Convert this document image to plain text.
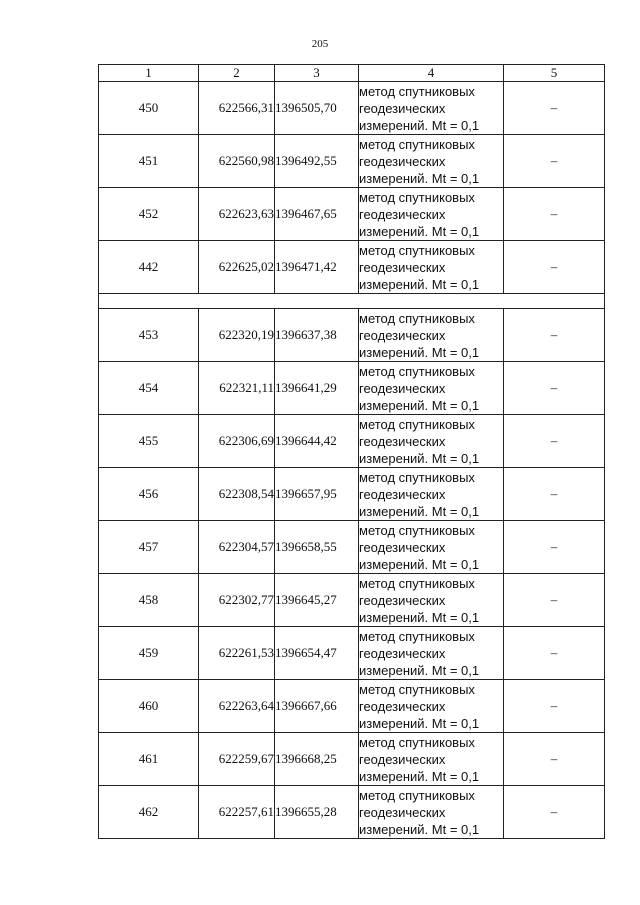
205
1	2	3	4	5
450	622566,31	1396505,70	метод спутниковых
геодезических
измерений. Mt = 0,1	–
451	622560,98	1396492,55	метод спутниковых
геодезических
измерений. Mt = 0,1	–
452	622623,63	1396467,65	метод спутниковых
геодезических
измерений. Mt = 0,1	–
442	622625,02	1396471,42	метод спутниковых
геодезических
измерений. Mt = 0,1	–

453	622320,19	1396637,38	метод спутниковых
геодезических
измерений. Mt = 0,1	–
454	622321,11	1396641,29	метод спутниковых
геодезических
измерений. Mt = 0,1	–
455	622306,69	1396644,42	метод спутниковых
геодезических
измерений. Mt = 0,1	–
456	622308,54	1396657,95	метод спутниковых
геодезических
измерений. Mt = 0,1	–
457	622304,57	1396658,55	метод спутниковых
геодезических
измерений. Mt = 0,1	–
458	622302,77	1396645,27	метод спутниковых
геодезических
измерений. Mt = 0,1	–
459	622261,53	1396654,47	метод спутниковых
геодезических
измерений. Mt = 0,1	–
460	622263,64	1396667,66	метод спутниковых
геодезических
измерений. Mt = 0,1	–
461	622259,67	1396668,25	метод спутниковых
геодезических
измерений. Mt = 0,1	–
462	622257,61	1396655,28	метод спутниковых
геодезических
измерений. Mt = 0,1	–
